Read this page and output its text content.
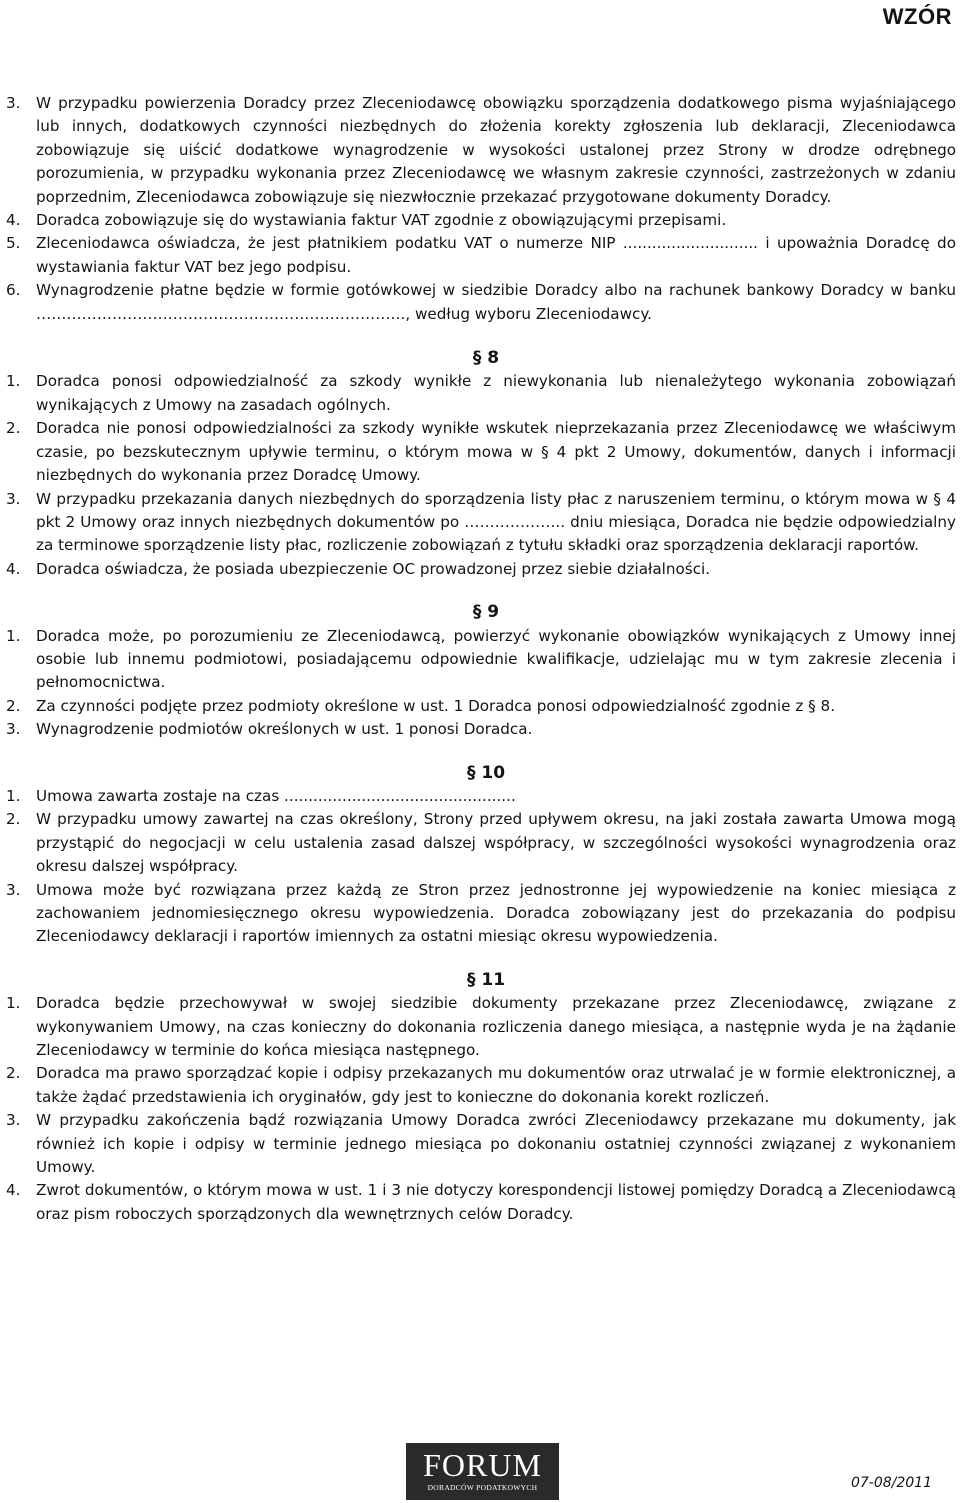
WZÓR
3.	W przypadku powierzenia Doradcy przez Zleceniodawcę obowiązku sporządzenia dodatkowego pisma wyjaśniającego lub innych, dodatkowych czynności niezbędnych do złożenia korekty zgłoszenia lub deklaracji, Zleceniodawca zobowiązuje się uiścić dodatkowe wynagrodzenie w wysokości ustalonej przez Strony w drodze odrębnego porozumienia, w przypadku wykonania przez Zleceniodawcę we własnym zakresie czynności, zastrzeżonych w zdaniu poprzednim, Zleceniodawca zobowiązuje się niezwłocznie przekazać przygotowane dokumenty Doradcy.
4.	Doradca zobowiązuje się do wystawiania faktur VAT zgodnie z obowiązującymi przepisami.
5.	Zleceniodawca oświadcza, że jest płatnikiem podatku VAT o numerze NIP ............................ i upoważnia Doradcę do wystawiania faktur VAT bez jego podpisu.
6.	Wynagrodzenie płatne będzie w formie gotówkowej w siedzibie Doradcy albo na rachunek bankowy Doradcy w banku ………………………………………………………………., według wyboru Zleceniodawcy.
§ 8
1.	Doradca ponosi odpowiedzialność za szkody wynikłe z niewykonania lub nienależytego wykonania zobowiązań wynikających z Umowy na zasadach ogólnych.
2.	Doradca nie ponosi odpowiedzialności za szkody wynikłe wskutek nieprzekazania przez Zleceniodawcę we właściwym czasie, po bezskutecznym upływie terminu, o którym mowa w § 4 pkt 2 Umowy, dokumentów, danych i informacji niezbędnych do wykonania przez Doradcę Umowy.
3.	W przypadku przekazania danych niezbędnych do sporządzenia listy płac z naruszeniem terminu, o którym mowa w § 4 pkt 2 Umowy oraz innych niezbędnych dokumentów po ……………….. dniu miesiąca, Doradca nie będzie odpowiedzialny za terminowe sporządzenie listy płac, rozliczenie zobowiązań z tytułu składki oraz sporządzenia deklaracji raportów.
4.	Doradca oświadcza, że posiada ubezpieczenie OC prowadzonej przez siebie działalności.
§ 9
1.	Doradca może, po porozumieniu ze Zleceniodawcą, powierzyć wykonanie obowiązków wynikających z Umowy innej osobie lub innemu podmiotowi, posiadającemu odpowiednie kwalifikacje, udzielając mu w tym zakresie zlecenia i pełnomocnictwa.
2.	Za czynności podjęte przez podmioty określone w ust. 1 Doradca ponosi odpowiedzialność zgodnie z § 8.
3.	Wynagrodzenie podmiotów określonych w ust. 1 ponosi Doradca.
§ 10
1.	Umowa zawarta zostaje na czas ................................................
2.	W przypadku umowy zawartej na czas określony, Strony przed upływem okresu, na jaki została zawarta Umowa mogą przystąpić do negocjacji w celu ustalenia zasad dalszej współpracy, w szczególności wysokości wynagrodzenia oraz okresu dalszej współpracy.
3.	Umowa może być rozwiązana przez każdą ze Stron przez jednostronne jej wypowiedzenie na koniec miesiąca z zachowaniem jednomiesięcznego okresu wypowiedzenia. Doradca zobowiązany jest do przekazania do podpisu Zleceniodawcy deklaracji i raportów imiennych za ostatni miesiąc okresu wypowiedzenia.
§ 11
1.	Doradca będzie przechowywał w swojej siedzibie dokumenty przekazane przez Zleceniodawcę, związane z wykonywaniem Umowy, na czas konieczny do dokonania rozliczenia danego miesiąca, a następnie wyda je na żądanie Zleceniodawcy w terminie do końca miesiąca następnego.
2.	Doradca ma prawo sporządzać kopie i odpisy przekazanych mu dokumentów oraz utrwalać je w formie elektronicznej, a także żądać przedstawienia ich oryginałów, gdy jest to konieczne do dokonania korekt rozliczeń.
3.	W przypadku zakończenia bądź rozwiązania Umowy Doradca zwróci Zleceniodawcy przekazane mu dokumenty, jak również ich kopie i odpisy w terminie jednego miesiąca po dokonaniu ostatniej czynności związanej z wykonaniem Umowy.
4.	Zwrot dokumentów, o którym mowa w ust. 1 i 3 nie dotyczy korespondencji listowej pomiędzy Doradcą a Zleceniodawcą oraz pism roboczych sporządzonych dla wewnętrznych celów Doradcy.
FORUM
DORADCÓW PODATKOWYCH	07-08/2011
